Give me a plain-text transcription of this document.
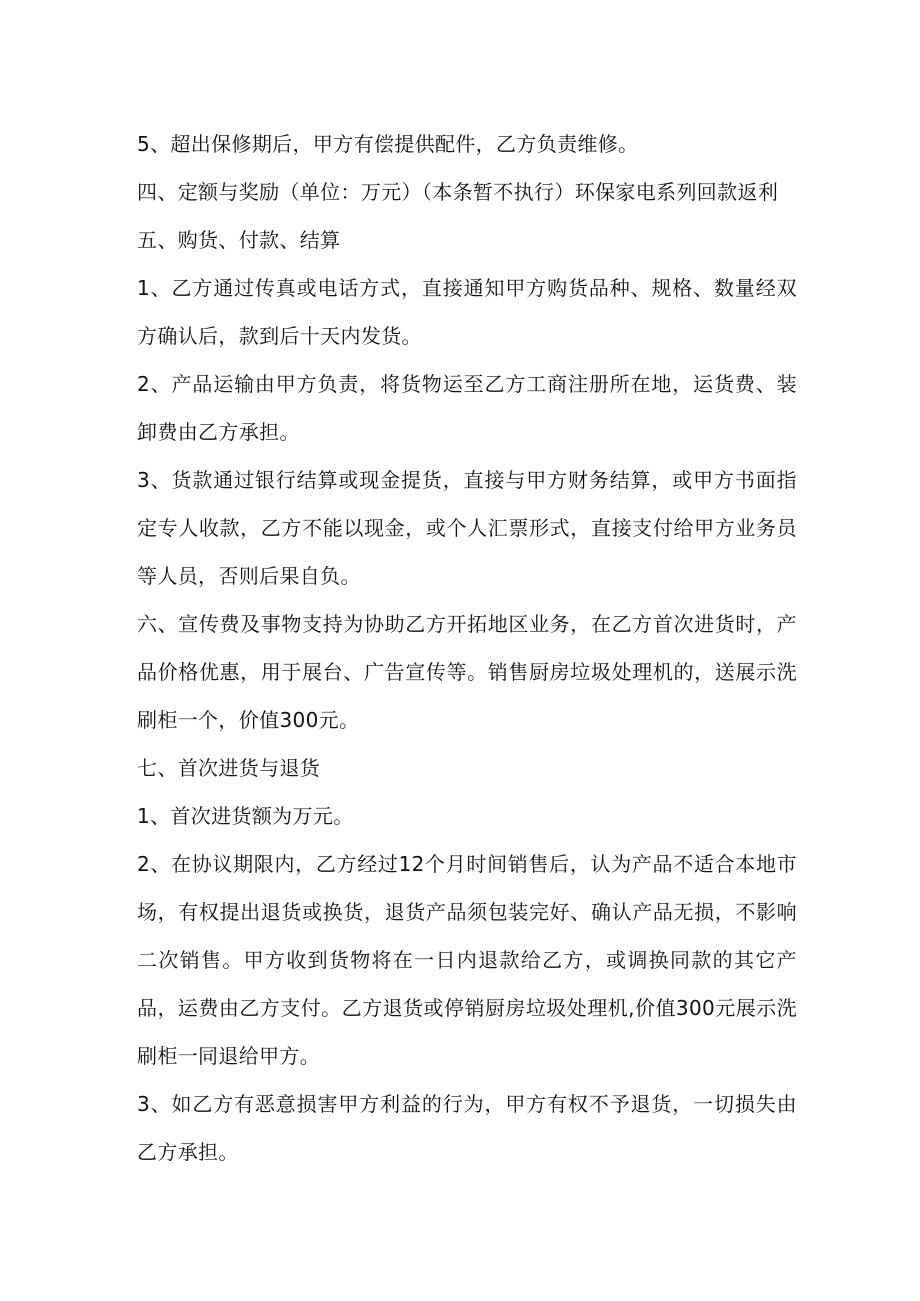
5、超出保修期后，甲方有偿提供配件，乙方负责维修。

四、定额与奖励（单位：万元）（本条暂不执行）环保家电系列回款返利

五、购货、付款、结算

1、乙方通过传真或电话方式，直接通知甲方购货品种、规格、数量经双方确认后，款到后十天内发货。

2、产品运输由甲方负责，将货物运至乙方工商注册所在地，运货费、装卸费由乙方承担。

3、货款通过银行结算或现金提货，直接与甲方财务结算，或甲方书面指定专人收款，乙方不能以现金，或个人汇票形式，直接支付给甲方业务员等人员，否则后果自负。

六、宣传费及事物支持为协助乙方开拓地区业务，在乙方首次进货时，产品价格优惠，用于展台、广告宣传等。销售厨房垃圾处理机的，送展示洗刷柜一个，价值300元。

七、首次进货与退货

1、首次进货额为万元。

2、在协议期限内，乙方经过12个月时间销售后，认为产品不适合本地市场，有权提出退货或换货，退货产品须包装完好、确认产品无损，不影响二次销售。甲方收到货物将在一日内退款给乙方，或调换同款的其它产品，运费由乙方支付。乙方退货或停销厨房垃圾处理机,价值300元展示洗刷柜一同退给甲方。

3、如乙方有恶意损害甲方利益的行为，甲方有权不予退货，一切损失由乙方承担。
